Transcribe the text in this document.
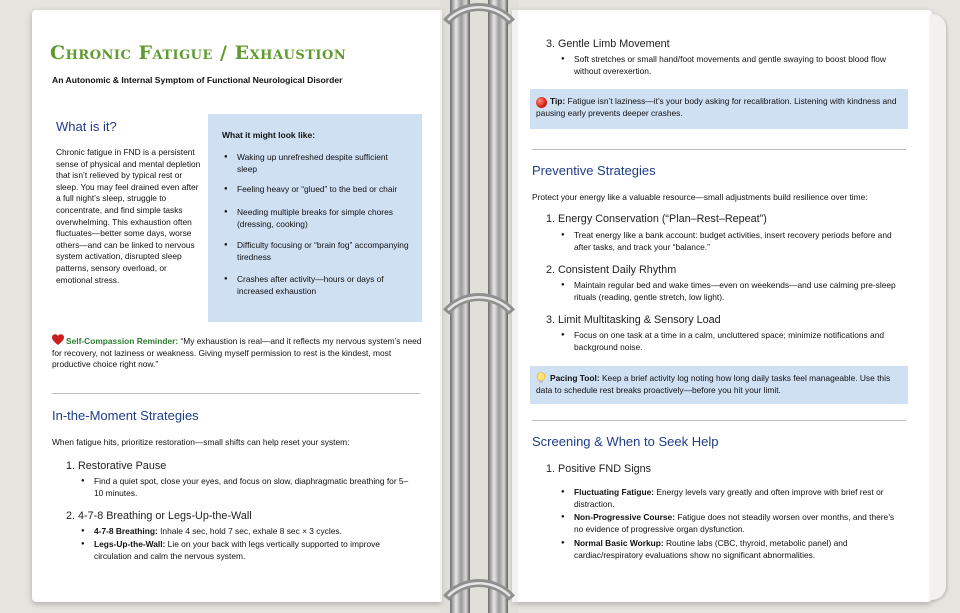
Chronic Fatigue / Exhaustion

An Autonomic & Internal Symptom of Functional Neurological Disorder

What it might look like:

● Waking up unrefreshed despite sufficient sleep
● Feeling heavy or “glued” to the bed or chair
● Needing multiple breaks for simple chores (dressing, cooking)
● Difficulty focusing or “brain fog” accompanying tiredness
● Crashes after activity—hours or days of increased exhaustion
What is it?

Chronic fatigue in FND is a persistent sense of physical and mental depletion that isn’t relieved by typical rest or sleep. You may feel drained even after a full night’s sleep, struggle to concentrate, and find simple tasks overwhelming. This exhaustion often fluctuates—better some days, worse others—and can be linked to nervous system activation, disrupted sleep patterns, sensory overload, or emotional stress.

Self-Compassion Reminder: “My exhaustion is real—and it reflects my nervous system’s need for recovery, not laziness or weakness. Giving myself permission to rest is the kindest, most productive choice right now.”

In-the-Moment Strategies

When fatigue hits, prioritize restoration—small shifts can help reset your system:

1. Restorative Pause
● Find a quiet spot, close your eyes, and focus on slow, diaphragmatic breathing for 5–10 minutes.
2. 4-7-8 Breathing or Legs-Up-the-Wall
● 4-7-8 Breathing: Inhale 4 sec, hold 7 sec, exhale 8 sec × 3 cycles.
● Legs-Up-the-Wall: Lie on your back with legs vertically supported to improve circulation and calm the nervous system.
3. Gentle Limb Movement
● Soft stretches or small hand/foot movements and gentle swaying to boost blood flow without overexertion.

Tip: Fatigue isn’t laziness—it’s your body asking for recalibration. Listening with kindness and pausing early prevents deeper crashes.

Preventive Strategies

Protect your energy like a valuable resource—small adjustments build resilience over time:

1. Energy Conservation (“Plan–Rest–Repeat”)
● Treat energy like a bank account: budget activities, insert recovery periods before and after tasks, and track your “balance.”
2. Consistent Daily Rhythm
● Maintain regular bed and wake times—even on weekends—and use calming pre-sleep rituals (reading, gentle stretch, low light).
3. Limit Multitasking & Sensory Load
● Focus on one task at a time in a calm, uncluttered space; minimize notifications and background noise.

Pacing Tool: Keep a brief activity log noting how long daily tasks feel manageable. Use this data to schedule rest breaks proactively—before you hit your limit.

Screening & When to Seek Help
1. Positive FND Signs
● Fluctuating Fatigue: Energy levels vary greatly and often improve with brief rest or distraction.
● Non-Progressive Course: Fatigue does not steadily worsen over months, and there’s no evidence of progressive organ dysfunction.
● Normal Basic Workup: Routine labs (CBC, thyroid, metabolic panel) and cardiac/respiratory evaluations show no significant abnormalities.
